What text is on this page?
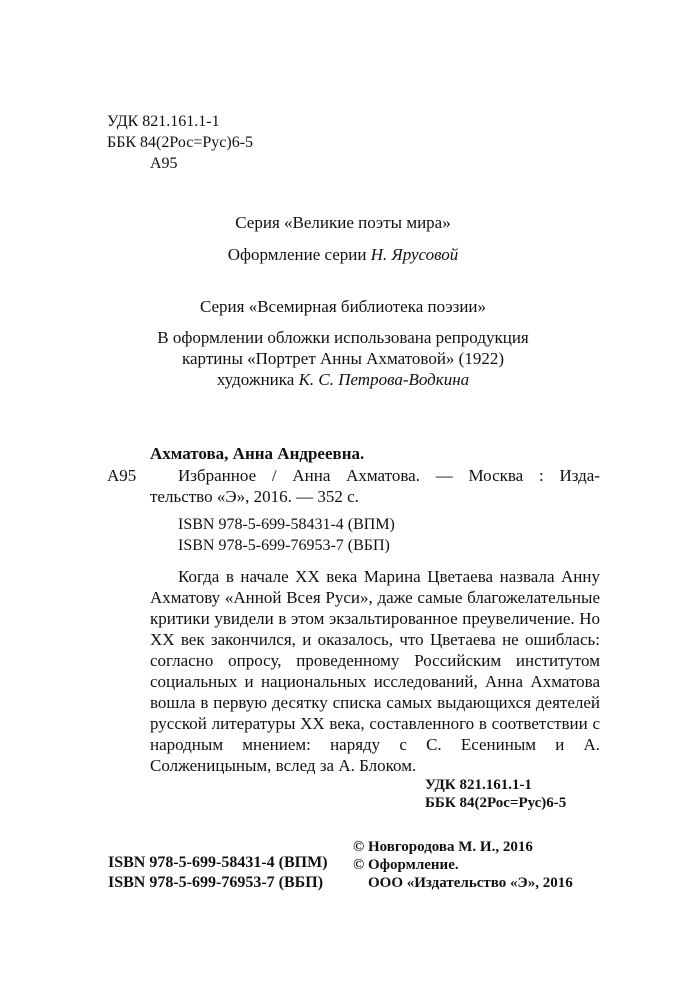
УДК 821.161.1-1
ББК 84(2Рос=Рус)6-5
А95
Серия «Великие поэты мира»
Оформление серии Н. Ярусовой
Серия «Всемирная библиотека поэзии»
В оформлении обложки использована репродукция
картины «Портрет Анны Ахматовой» (1922)
художника К. С. Петрова-Водкина
Ахматова, Анна Андреевна.
А95 Избранное / Анна Ахматова. — Москва : Изда-
тельство «Э», 2016. — 352 с.
ISBN 978-5-699-58431-4 (ВПМ)
ISBN 978-5-699-76953-7 (ВБП)

Когда в начале XX века Марина Цветаева назвала Анну Ахматову «Анной Всея Руси», даже самые благожелательные критики увидели в этом экзальтированное преувеличение. Но XX век закончился, и оказалось, что Цветаева не ошиблась: согласно опросу, проведенному Российским институтом социальных и национальных исследований, Анна Ахматова вошла в первую десятку списка самых выдающихся деятелей русской литературы XX века, составленного в соответствии с народным мнением: наряду с С. Есениным и А. Солженицыным, вслед за А. Блоком.

УДК 821.161.1-1
ББК 84(2Рос=Рус)6-5
ISBN 978-5-699-58431-4 (ВПМ)
ISBN 978-5-699-76953-7 (ВБП)
© Новгородова М. И., 2016
© Оформление.
ООО «Издательство «Э», 2016
